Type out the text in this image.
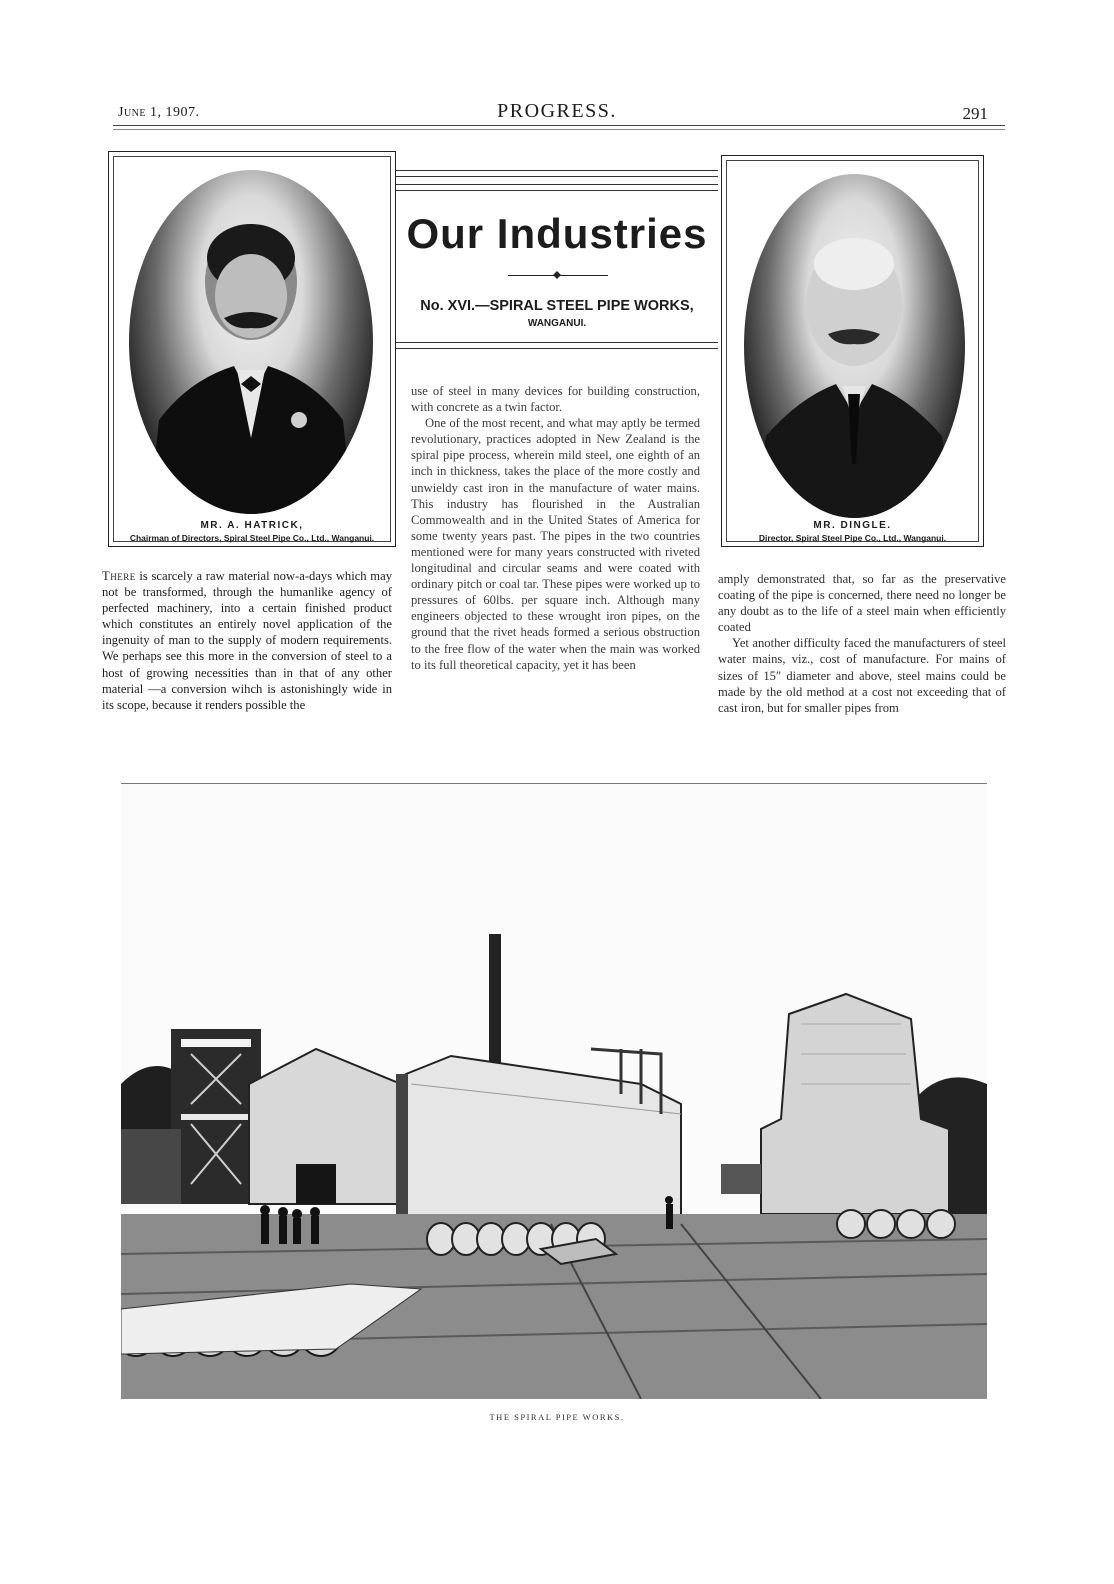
June 1, 1907.	PROGRESS.	291
MR. A. HATRICK,
Chairman of Directors, Spiral Steel Pipe Co., Ltd., Wanganui.
Our Industries
No. XVI.—SPIRAL STEEL PIPE WORKS,
WANGANUI.
MR. DINGLE.
Director, Spiral Steel Pipe Co., Ltd., Wanganui.

use of steel in many devices for building construction, with concrete as a twin factor.

One of the most recent, and what may aptly be termed revolutionary, practices adopted in New Zealand is the spiral pipe process, wherein mild steel, one eighth of an inch in thickness, takes the place of the more costly and unwieldy cast iron in the manufacture of water mains. This industry has flourished in the Australian Commowealth and in the United States of America for some twenty years past. The pipes in the two countries mentioned were for many years constructed with riveted longitudinal and circular seams and were coated with ordinary pitch or coal tar. These pipes were worked up to pressures of 60lbs. per square inch. Although many engineers objected to these wrought iron pipes, on the ground that the rivet heads formed a serious obstruction to the free flow of the water when the main was worked to its full theoretical capacity, yet it has been

There is scarcely a raw material now-a-days which may not be transformed, through the humanlike agency of perfected machinery, into a certain finished product which constitutes an entirely novel application of the ingenuity of man to the supply of modern requirements. We perhaps see this more in the conversion of steel to a host of growing necessities than in that of any other material —a conversion wihch is astonishingly wide in its scope, because it renders possible the

amply demonstrated that, so far as the preservative coating of the pipe is concerned, there need no longer be any doubt as to the life of a steel main when efficiently coated

Yet another difficulty faced the manufacturers of steel water mains, viz., cost of manufacture. For mains of sizes of 15″ diameter and above, steel mains could be made by the old method at a cost not exceeding that of cast iron, but for smaller pipes from

THE SPIRAL PIPE WORKS.
